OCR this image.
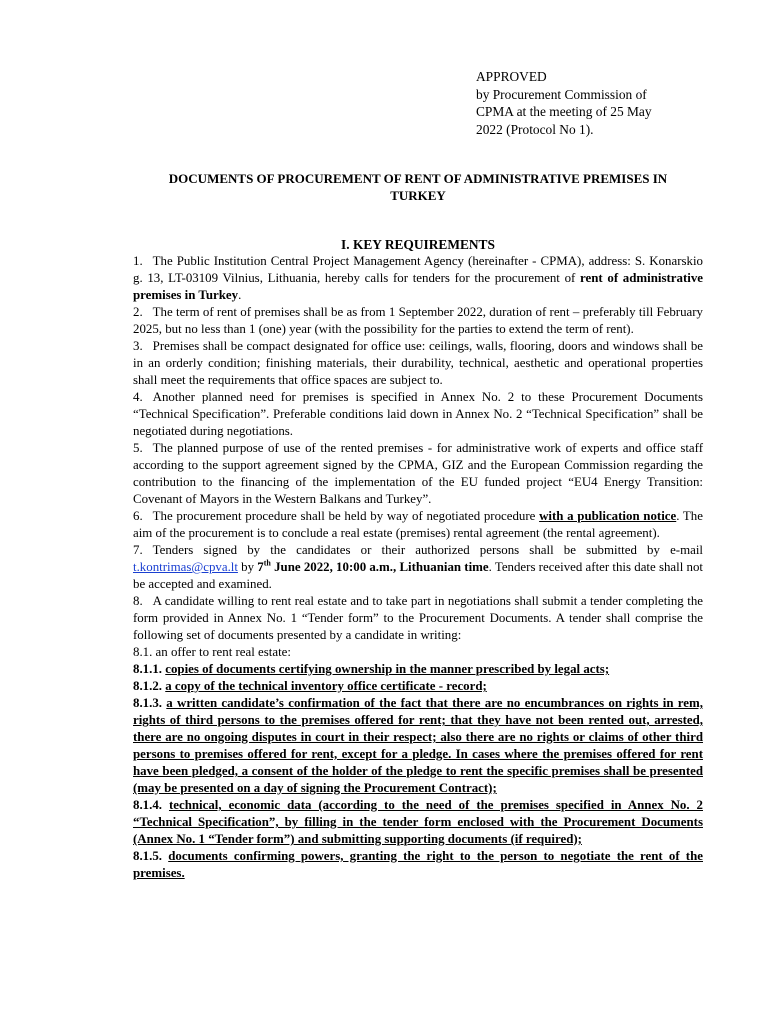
APPROVED
by Procurement Commission of
CPMA at the meeting of 25 May
2022 (Protocol No 1).
DOCUMENTS OF PROCUREMENT OF RENT OF ADMINISTRATIVE PREMISES IN
TURKEY
I. KEY REQUIREMENTS

1. The Public Institution Central Project Management Agency (hereinafter - CPMA), address: S. Konarskio g. 13, LT-03109 Vilnius, Lithuania, hereby calls for tenders for the procurement of rent of administrative premises in Turkey.

2. The term of rent of premises shall be as from 1 September 2022, duration of rent – preferably till February 2025, but no less than 1 (one) year (with the possibility for the parties to extend the term of rent).

3. Premises shall be compact designated for office use: ceilings, walls, flooring, doors and windows shall be in an orderly condition; finishing materials, their durability, technical, aesthetic and operational properties shall meet the requirements that office spaces are subject to.

4. Another planned need for premises is specified in Annex No. 2 to these Procurement Documents “Technical Specification”. Preferable conditions laid down in Annex No. 2 “Technical Specification” shall be negotiated during negotiations.

5. The planned purpose of use of the rented premises - for administrative work of experts and office staff according to the support agreement signed by the CPMA, GIZ and the European Commission regarding the contribution to the financing of the implementation of the EU funded project “EU4 Energy Transition: Covenant of Mayors in the Western Balkans and Turkey”.

6. The procurement procedure shall be held by way of negotiated procedure with a publication notice. The aim of the procurement is to conclude a real estate (premises) rental agreement (the rental agreement).

7. Tenders signed by the candidates or their authorized persons shall be submitted by e-mail t.kontrimas@cpva.lt by 7th June 2022, 10:00 a.m., Lithuanian time. Tenders received after this date shall not be accepted and examined.

8. A candidate willing to rent real estate and to take part in negotiations shall submit a tender completing the form provided in Annex No. 1 “Tender form” to the Procurement Documents. A tender shall comprise the following set of documents presented by a candidate in writing:

8.1. an offer to rent real estate:

8.1.1. copies of documents certifying ownership in the manner prescribed by legal acts;

8.1.2. a copy of the technical inventory office certificate - record;

8.1.3. a written candidate’s confirmation of the fact that there are no encumbrances on rights in rem, rights of third persons to the premises offered for rent; that they have not been rented out, arrested, there are no ongoing disputes in court in their respect; also there are no rights or claims of other third persons to premises offered for rent, except for a pledge. In cases where the premises offered for rent have been pledged, a consent of the holder of the pledge to rent the specific premises shall be presented (may be presented on a day of signing the Procurement Contract);

8.1.4. technical, economic data (according to the need of the premises specified in Annex No. 2 “Technical Specification”, by filling in the tender form enclosed with the Procurement Documents (Annex No. 1 “Tender form”) and submitting supporting documents (if required);

8.1.5. documents confirming powers, granting the right to the person to negotiate the rent of the premises.
